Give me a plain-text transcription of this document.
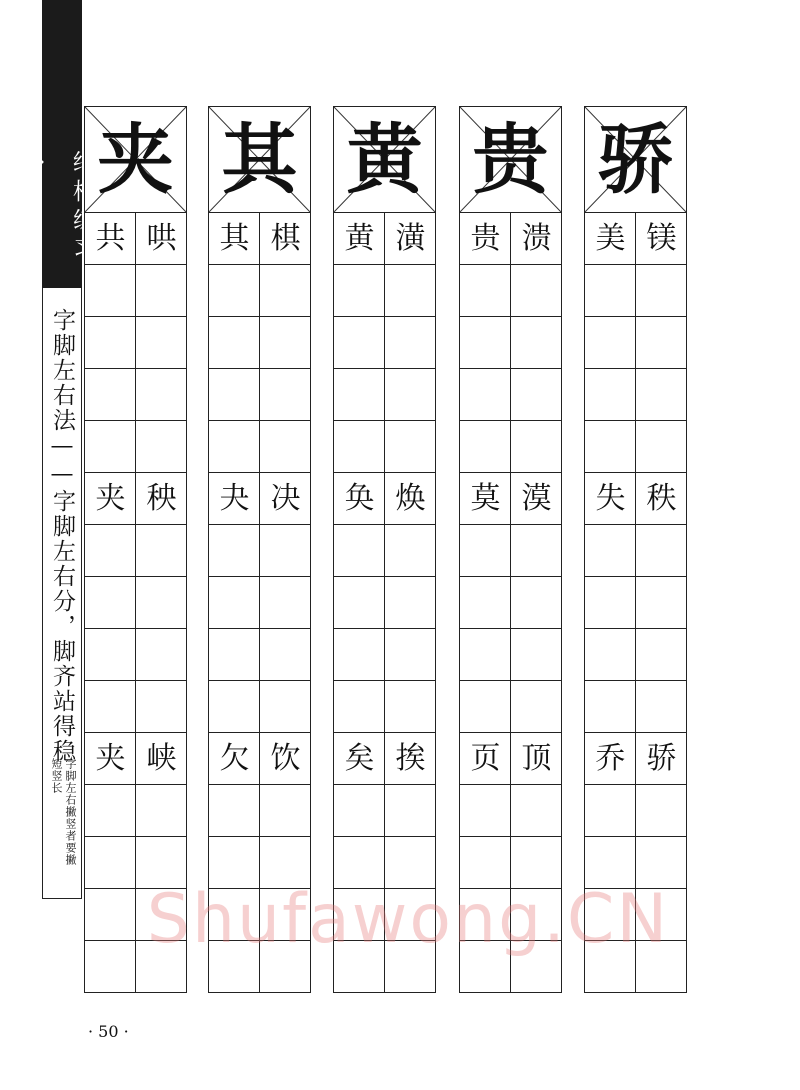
结构练习·
字脚左右法——字脚左右分，脚齐站得稳
字脚左右撇竖者要撇短竖长
夹
共 哄
夹 秧
夹 峡
其
其 棋
夬 决
欠 饮
黄
黄 潢
奂 焕
矣 挨
贵
贵 溃
莫 漠
页 顶
骄
美 镁
失 秩
乔 骄
· 50 ·
Shufawong.CN
